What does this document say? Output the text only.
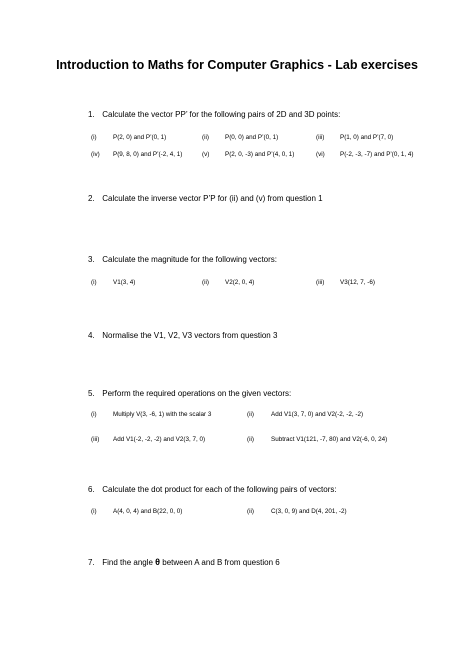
Introduction to Maths for Computer Graphics - Lab exercises
1. Calculate the vector PP’ for the following pairs of 2D and 3D points:
(i)	P(2, 0) and P’(0, 1)	(ii)	P(0, 0) and P’(0, 1)	(iii) P(1, 0) and P’(7, 0)
(iv) P(9, 8, 0) and P’(-2, 4, 1)	(v) P(2, 0, -3) and P’(4, 0, 1)	(vi) P(-2, -3, -7) and P’(0, 1, 4)
2. Calculate the inverse vector P’P for (ii) and (v) from question 1
3. Calculate the magnitude for the following vectors:
(i)	V1(3, 4)	(ii)	V2(2, 0, 4)	(iii) V3(12, 7, -6)
4. Normalise the V1, V2, V3 vectors from question 3
5. Perform the required operations on the given vectors:
(i)	Multiply V(3, -6, 1) with the scalar 3	(ii)	Add V1(3, 7, 0) and V2(-2, -2, -2)
(iii) Add V1(-2, -2, -2) and V2(3, 7, 0)	(ii)	Subtract V1(121, -7, 80) and V2(-6, 0, 24)
6. Calculate the dot product for each of the following pairs of vectors:
(i)	A(4, 0, 4) and B(22, 0, 0)	(ii)	C(3, 0, 9) and D(4, 201, -2)
7. Find the angle θ between A and B from question 6
